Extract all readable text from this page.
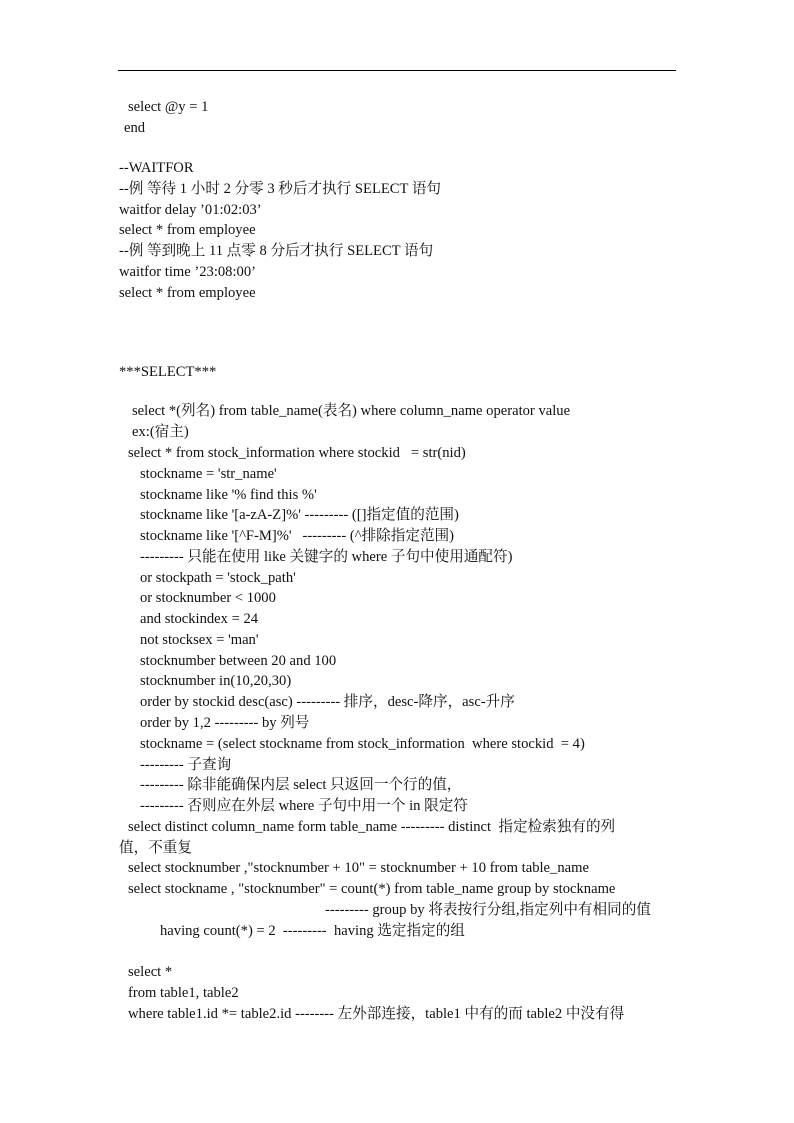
select @y = 1
end
--WAITFOR
--例 等待 1 小时 2 分零 3 秒后才执行 SELECT 语句
waitfor delay ’01:02:03’
select * from employee
--例 等到晚上 11 点零 8 分后才执行 SELECT 语句
waitfor time ’23:08:00’
select * from employee
***SELECT***
select *(列名) from table_name(表名) where column_name operator value
ex:(宿主)
select * from stock_information where stockid   = str(nid)
stockname = 'str_name'
stockname like '% find this %'
stockname like '[a-zA-Z]%' --------- ([]指定值的范围)
stockname like '[^F-M]%'   --------- (^排除指定范围)
--------- 只能在使用 like 关键字的 where 子句中使用通配符)
or stockpath = 'stock_path'
or stocknumber < 1000
and stockindex = 24
not stocksex = 'man'
stocknumber between 20 and 100
stocknumber in(10,20,30)
order by stockid desc(asc) --------- 排序，desc-降序，asc-升序
order by 1,2 --------- by 列号
stockname = (select stockname from stock_information  where stockid  = 4)
--------- 子查询
--------- 除非能确保内层 select 只返回一个行的值，
--------- 否则应在外层 where 子句中用一个 in 限定符
select distinct column_name form table_name --------- distinct  指定检索独有的列
值，不重复
select stocknumber ,"stocknumber + 10" = stocknumber + 10 from table_name
select stockname , "stocknumber" = count(*) from table_name group by stockname
--------- group by 将表按行分组,指定列中有相同的值
having count(*) = 2  ---------  having 选定指定的组
select *
from table1, table2
where table1.id *= table2.id -------- 左外部连接，table1 中有的而 table2 中没有得
